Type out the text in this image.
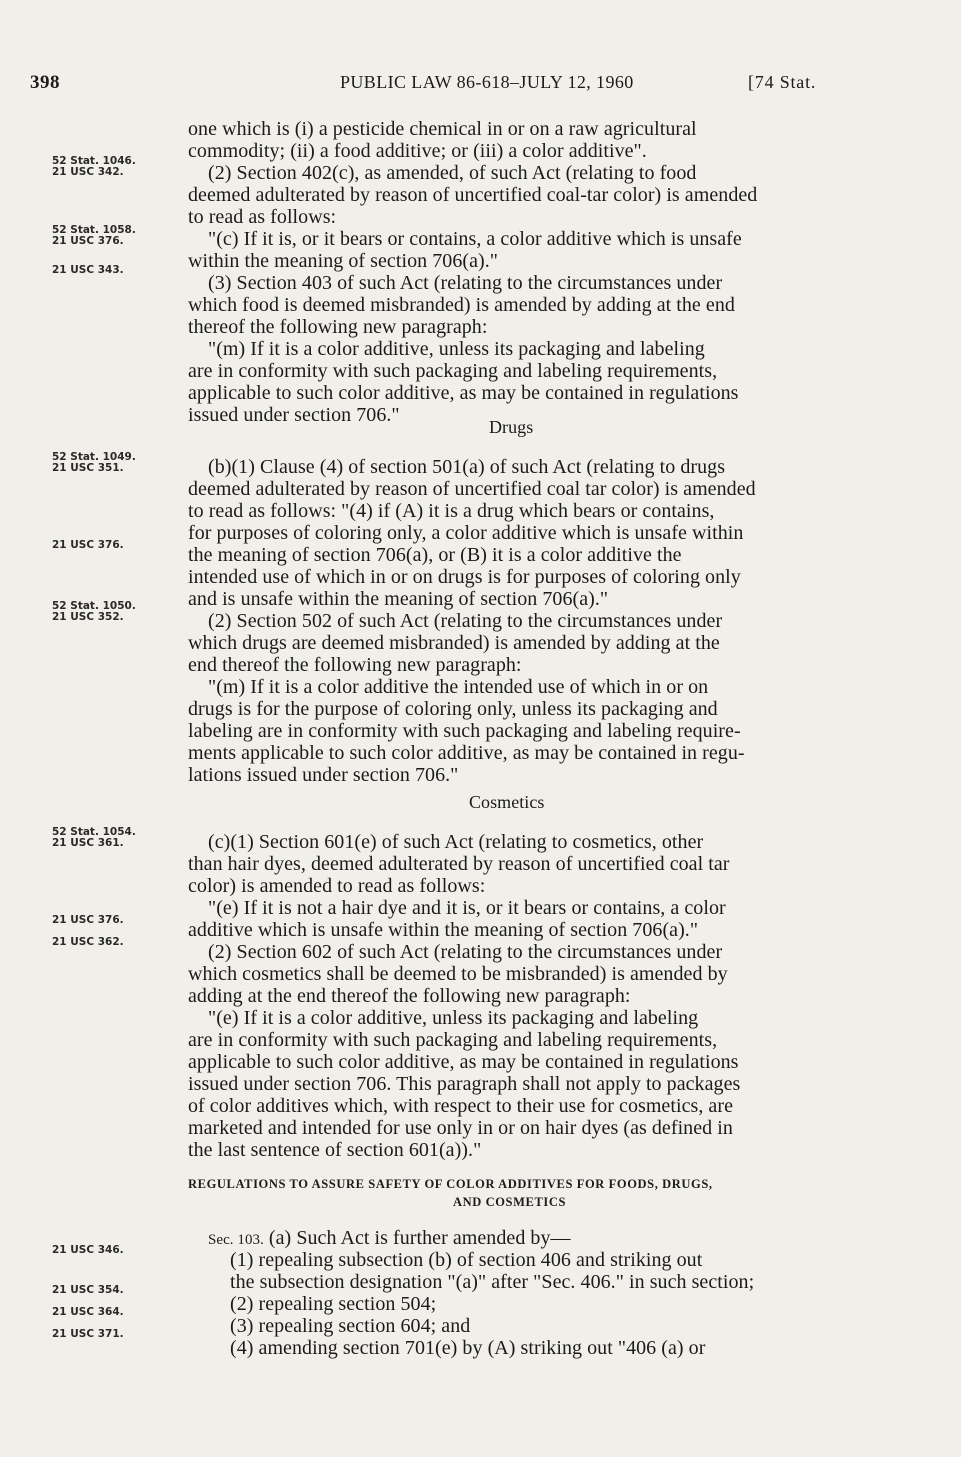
398	PUBLIC LAW 86-618–JULY 12, 1960	[74 Stat.
52 Stat. 1046.
21 USC 342.
52 Stat. 1058.
21 USC 376.
21 USC 343.
52 Stat. 1049.
21 USC 351.
21 USC 376.
52 Stat. 1050.
21 USC 352.
52 Stat. 1054.
21 USC 361.
21 USC 376.
21 USC 362.
21 USC 346.
21 USC 354.
21 USC 364.
21 USC 371.
one which is (i) a pesticide chemical in or on a raw agricultural
commodity; (ii) a food additive; or (iii) a color additive".
(2) Section 402(c), as amended, of such Act (relating to food
deemed adulterated by reason of uncertified coal-tar color) is amended
to read as follows:
"(c) If it is, or it bears or contains, a color additive which is unsafe
within the meaning of section 706(a)."
(3) Section 403 of such Act (relating to the circumstances under
which food is deemed misbranded) is amended by adding at the end
thereof the following new paragraph:
"(m) If it is a color additive, unless its packaging and labeling
are in conformity with such packaging and labeling requirements,
applicable to such color additive, as may be contained in regulations
issued under section 706."
Drugs
(b)(1) Clause (4) of section 501(a) of such Act (relating to drugs
deemed adulterated by reason of uncertified coal tar color) is amended
to read as follows: "(4) if (A) it is a drug which bears or contains,
for purposes of coloring only, a color additive which is unsafe within
the meaning of section 706(a), or (B) it is a color additive the
intended use of which in or on drugs is for purposes of coloring only
and is unsafe within the meaning of section 706(a)."
(2) Section 502 of such Act (relating to the circumstances under
which drugs are deemed misbranded) is amended by adding at the
end thereof the following new paragraph:
"(m) If it is a color additive the intended use of which in or on
drugs is for the purpose of coloring only, unless its packaging and
labeling are in conformity with such packaging and labeling require-
ments applicable to such color additive, as may be contained in regu-
lations issued under section 706."
Cosmetics
(c)(1) Section 601(e) of such Act (relating to cosmetics, other
than hair dyes, deemed adulterated by reason of uncertified coal tar
color) is amended to read as follows:
"(e) If it is not a hair dye and it is, or it bears or contains, a color
additive which is unsafe within the meaning of section 706(a)."
(2) Section 602 of such Act (relating to the circumstances under
which cosmetics shall be deemed to be misbranded) is amended by
adding at the end thereof the following new paragraph:
"(e) If it is a color additive, unless its packaging and labeling
are in conformity with such packaging and labeling requirements,
applicable to such color additive, as may be contained in regulations
issued under section 706. This paragraph shall not apply to packages
of color additives which, with respect to their use for cosmetics, are
marketed and intended for use only in or on hair dyes (as defined in
the last sentence of section 601(a))."
REGULATIONS TO ASSURE SAFETY OF COLOR ADDITIVES FOR FOODS, DRUGS,
AND COSMETICS
Sec. 103. (a) Such Act is further amended by—
(1) repealing subsection (b) of section 406 and striking out
the subsection designation "(a)" after "Sec. 406." in such section;
(2) repealing section 504;
(3) repealing section 604; and
(4) amending section 701(e) by (A) striking out "406 (a) or
